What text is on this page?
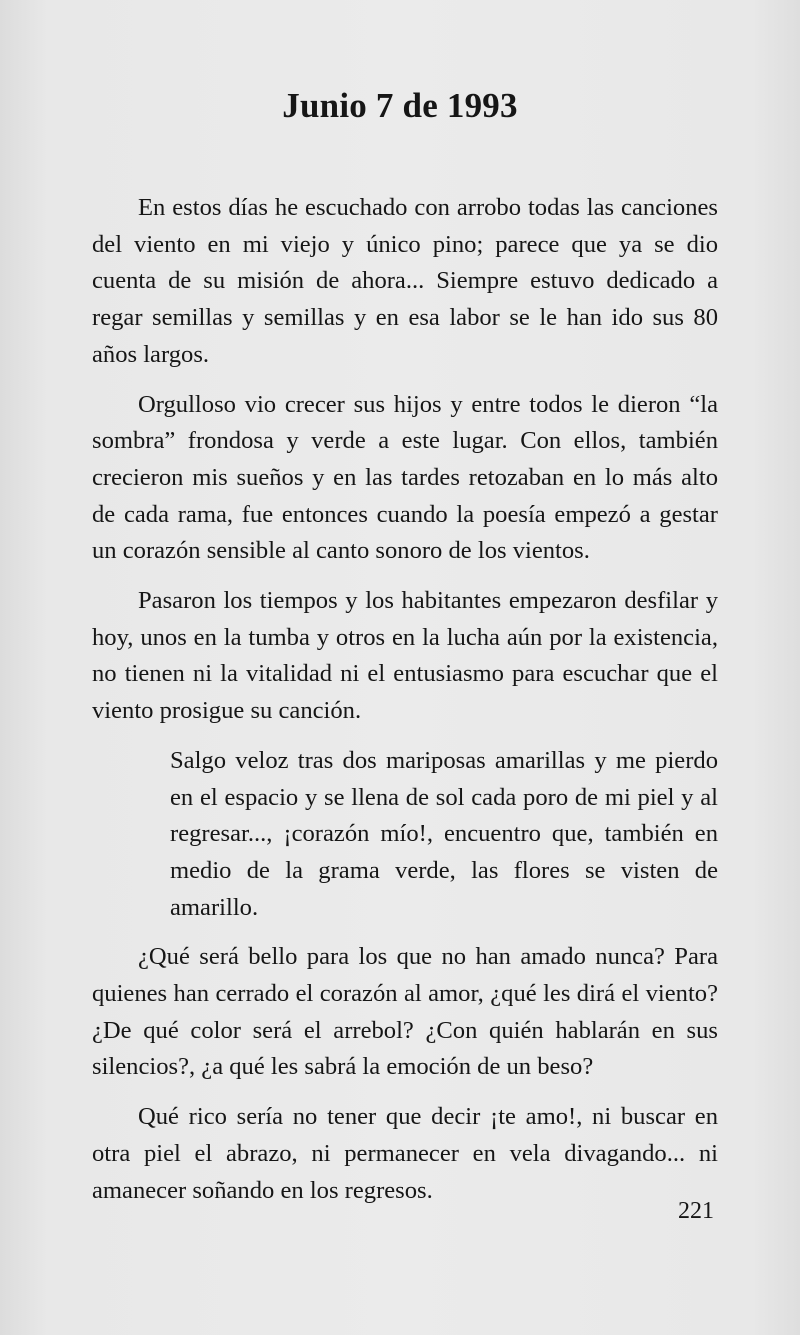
Junio 7 de 1993

En estos días he escuchado con arrobo todas las canciones del viento en mi viejo y único pino; parece que ya se dio cuenta de su misión de ahora... Siempre estuvo dedicado a regar semillas y semillas y en esa labor se le han ido sus 80 años largos.

Orgulloso vio crecer sus hijos y entre todos le dieron “la sombra” frondosa y verde a este lugar. Con ellos, también crecieron mis sueños y en las tardes retozaban en lo más alto de cada rama, fue entonces cuando la poesía empezó a gestar un corazón sensible al canto sonoro de los vientos.

Pasaron los tiempos y los habitantes empezaron desfilar y hoy, unos en la tumba y otros en la lucha aún por la existencia, no tienen ni la vitalidad ni el entusiasmo para escuchar que el viento prosigue su canción.

Salgo veloz tras dos mariposas amarillas y me pierdo en el espacio y se llena de sol cada poro de mi piel y al regresar..., ¡corazón mío!, encuentro que, también en medio de la grama verde, las flores se visten de amarillo.

¿Qué será bello para los que no han amado nunca? Para quienes han cerrado el corazón al amor, ¿qué les dirá el viento? ¿De qué color será el arrebol? ¿Con quién hablarán en sus silencios?, ¿a qué les sabrá la emoción de un beso?

Qué rico sería no tener que decir ¡te amo!, ni buscar en otra piel el abrazo, ni permanecer en vela divagando... ni amanecer soñando en los regresos.

221
